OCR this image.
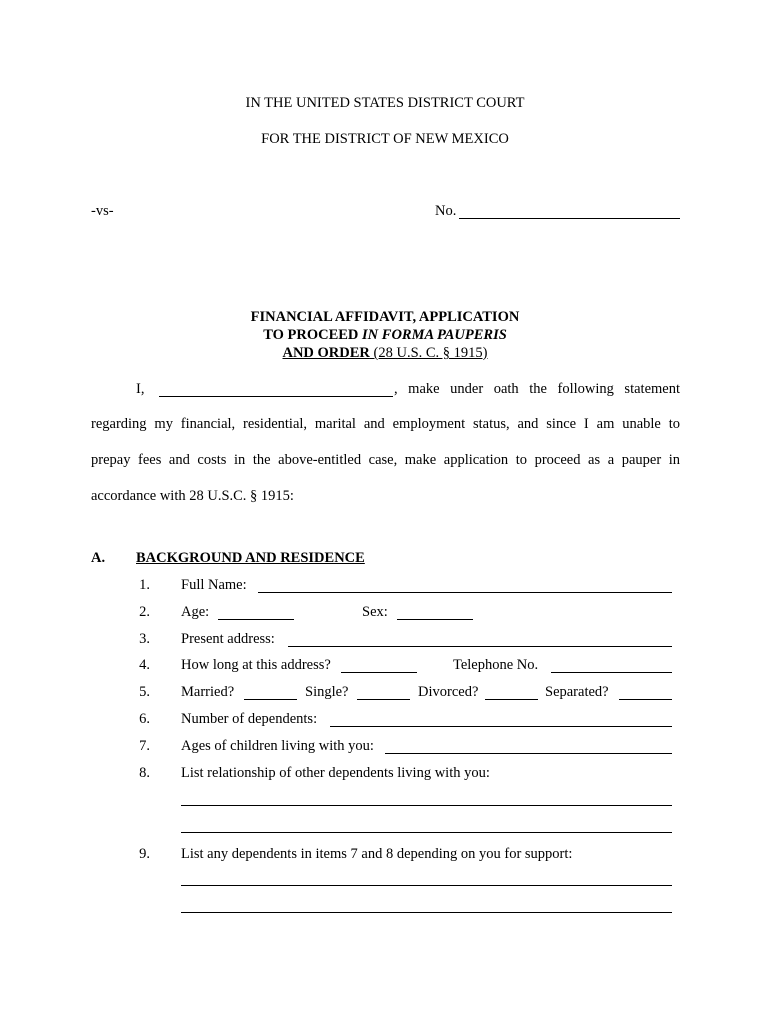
IN THE UNITED STATES DISTRICT COURT
FOR THE DISTRICT OF NEW MEXICO
-vs-	No.
FINANCIAL AFFIDAVIT, APPLICATION
TO PROCEED IN FORMA PAUPERIS
AND ORDER (28 U.S. C. § 1915)
I,	, make under oath the following statement
regarding my financial, residential, marital and employment status, and since I am unable to
prepay fees and costs in the above-entitled case, make application to proceed as a pauper in
accordance with 28 U.S.C. § 1915:
A. BACKGROUND AND RESIDENCE
1. Full Name:
2. Age:	Sex:
3. Present address:
4. How long at this address?	Telephone No.
5. Married?	Single?	Divorced?	Separated?
6. Number of dependents:
7. Ages of children living with you:
8. List relationship of other dependents living with you:
9. List any dependents in items 7 and 8 depending on you for support:
